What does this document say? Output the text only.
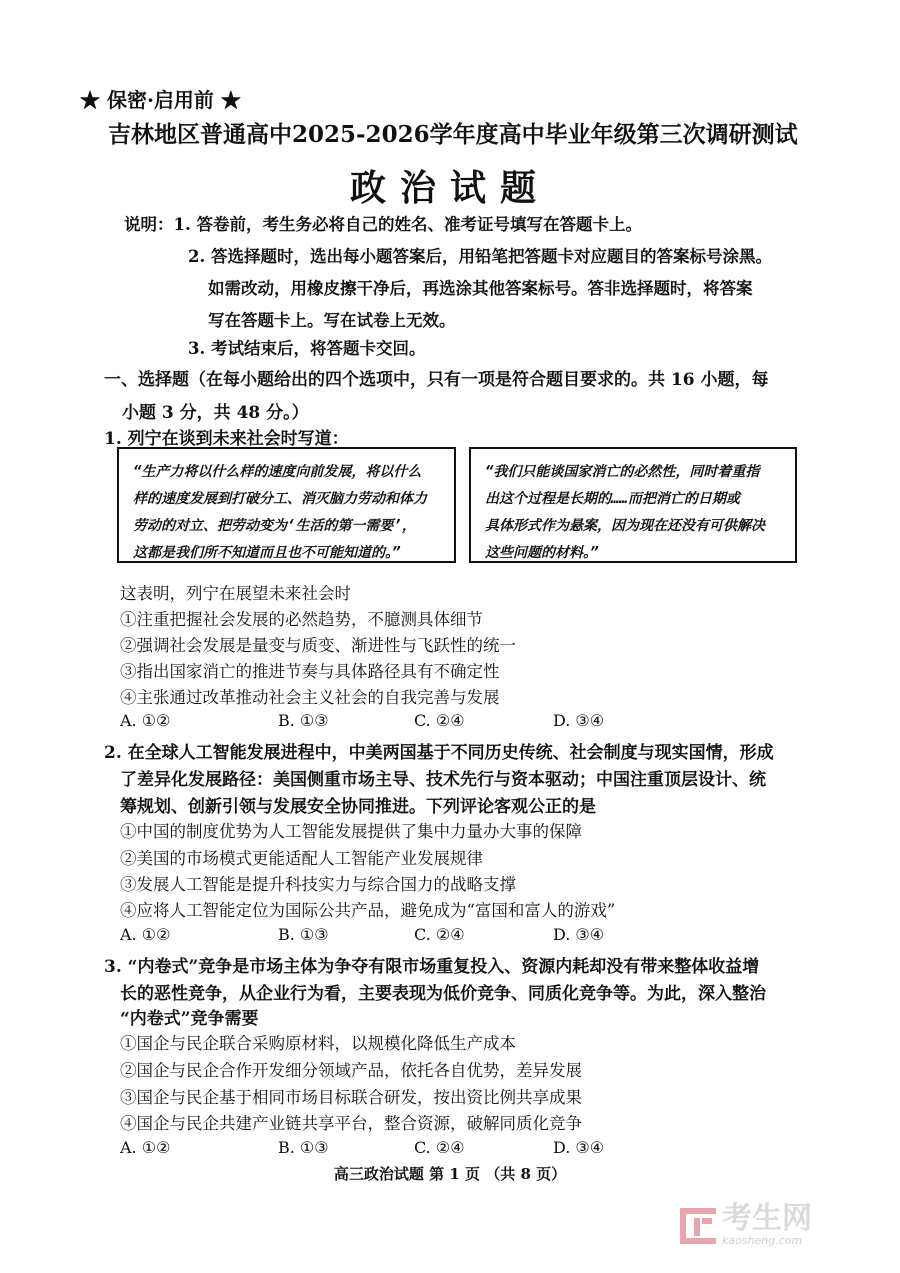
★ 保密·启用前 ★
吉林地区普通高中2025-2026学年度高中毕业年级第三次调研测试
政治试题
说明：1. 答卷前，考生务必将自己的姓名、准考证号填写在答题卡上。
2. 答选择题时，选出每小题答案后，用铅笔把答题卡对应题目的答案标号涂黑。
如需改动，用橡皮擦干净后，再选涂其他答案标号。答非选择题时，将答案
写在答题卡上。写在试卷上无效。
3. 考试结束后，将答题卡交回。
一、选择题（在每小题给出的四个选项中，只有一项是符合题目要求的。共 16 小题，每
小题 3 分，共 48 分。）
1. 列宁在谈到未来社会时写道：
“生产力将以什么样的速度向前发展，将以什么
样的速度发展到打破分工、消灭脑力劳动和体力
劳动的对立、把劳动变为‘生活的第一需要’，
这都是我们所不知道而且也不可能知道的。”
“我们只能谈国家消亡的必然性，同时着重指
出这个过程是长期的……而把消亡的日期或
具体形式作为悬案，因为现在还没有可供解决
这些问题的材料。”
这表明，列宁在展望未来社会时
①注重把握社会发展的必然趋势，不臆测具体细节
②强调社会发展是量变与质变、渐进性与飞跃性的统一
③指出国家消亡的推进节奏与具体路径具有不确定性
④主张通过改革推动社会主义社会的自我完善与发展
A. ①②	B. ①③	C. ②④	D. ③④
2. 在全球人工智能发展进程中，中美两国基于不同历史传统、社会制度与现实国情，形成
了差异化发展路径：美国侧重市场主导、技术先行与资本驱动；中国注重顶层设计、统
筹规划、创新引领与发展安全协同推进。下列评论客观公正的是
①中国的制度优势为人工智能发展提供了集中力量办大事的保障
②美国的市场模式更能适配人工智能产业发展规律
③发展人工智能是提升科技实力与综合国力的战略支撑
④应将人工智能定位为国际公共产品，避免成为“富国和富人的游戏”
A. ①②	B. ①③	C. ②④	D. ③④
3. “内卷式”竞争是市场主体为争夺有限市场重复投入、资源内耗却没有带来整体收益增
长的恶性竞争，从企业行为看，主要表现为低价竞争、同质化竞争等。为此，深入整治
“内卷式”竞争需要
①国企与民企联合采购原材料，以规模化降低生产成本
②国企与民企合作开发细分领域产品，依托各自优势，差异发展
③国企与民企基于相同市场目标联合研发，按出资比例共享成果
④国企与民企共建产业链共享平台，整合资源，破解同质化竞争
A. ①②	B. ①③	C. ②④	D. ③④
高三政治试题 第 1 页 （共 8 页）
考生网
kaosheng.com
